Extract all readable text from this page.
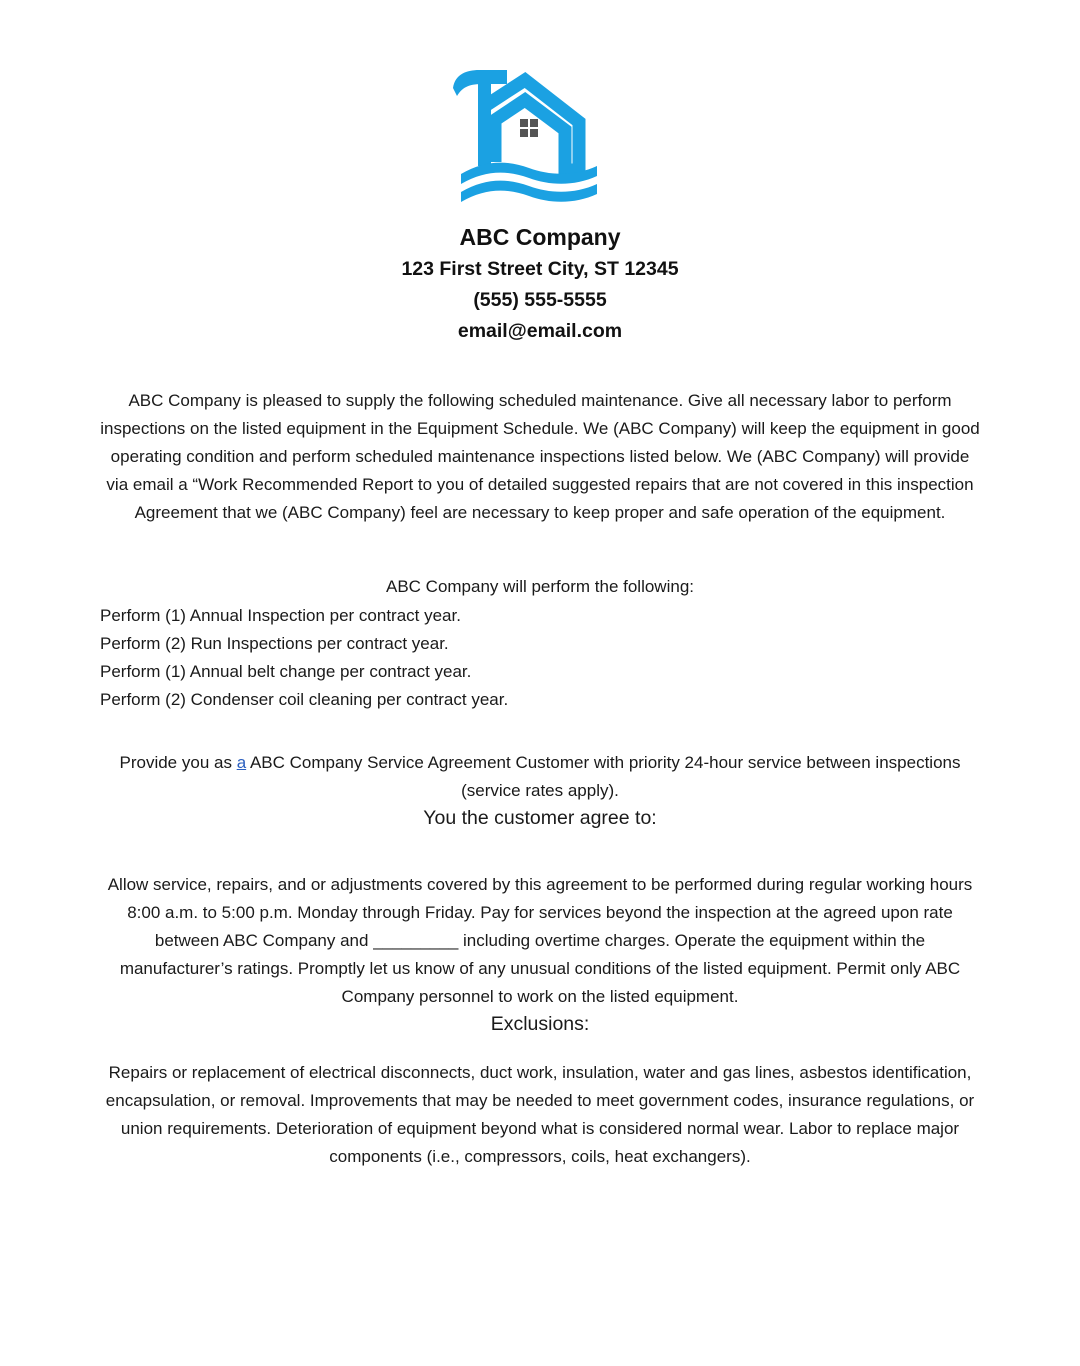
ABC Company
123 First Street City, ST 12345
(555) 555-5555
email@email.com

ABC Company is pleased to supply the following scheduled maintenance. Give all necessary labor to perform inspections on the listed equipment in the Equipment Schedule. We (ABC Company) will keep the equipment in good operating condition and perform scheduled maintenance inspections listed below. We (ABC Company) will provide via email a “Work Recommended Report to you of detailed suggested repairs that are not covered in this inspection Agreement that we (ABC Company) feel are necessary to keep proper and safe operation of the equipment.

ABC Company will perform the following:

Perform (1) Annual Inspection per contract year.
Perform (2) Run Inspections per contract year.
Perform (1) Annual belt change per contract year.
Perform (2) Condenser coil cleaning per contract year.

Provide you as a ABC Company Service Agreement Customer with priority 24-hour service between inspections (service rates apply).

You the customer agree to:

Allow service, repairs, and or adjustments covered by this agreement to be performed during regular working hours 8:00 a.m. to 5:00 p.m. Monday through Friday. Pay for services beyond the inspection at the agreed upon rate between ABC Company and _________ including overtime charges. Operate the equipment within the manufacturer’s ratings. Promptly let us know of any unusual conditions of the listed equipment. Permit only ABC Company personnel to work on the listed equipment.

Exclusions:

Repairs or replacement of electrical disconnects, duct work, insulation, water and gas lines, asbestos identification, encapsulation, or removal. Improvements that may be needed to meet government codes, insurance regulations, or union requirements. Deterioration of equipment beyond what is considered normal wear. Labor to replace major components (i.e., compressors, coils, heat exchangers).
